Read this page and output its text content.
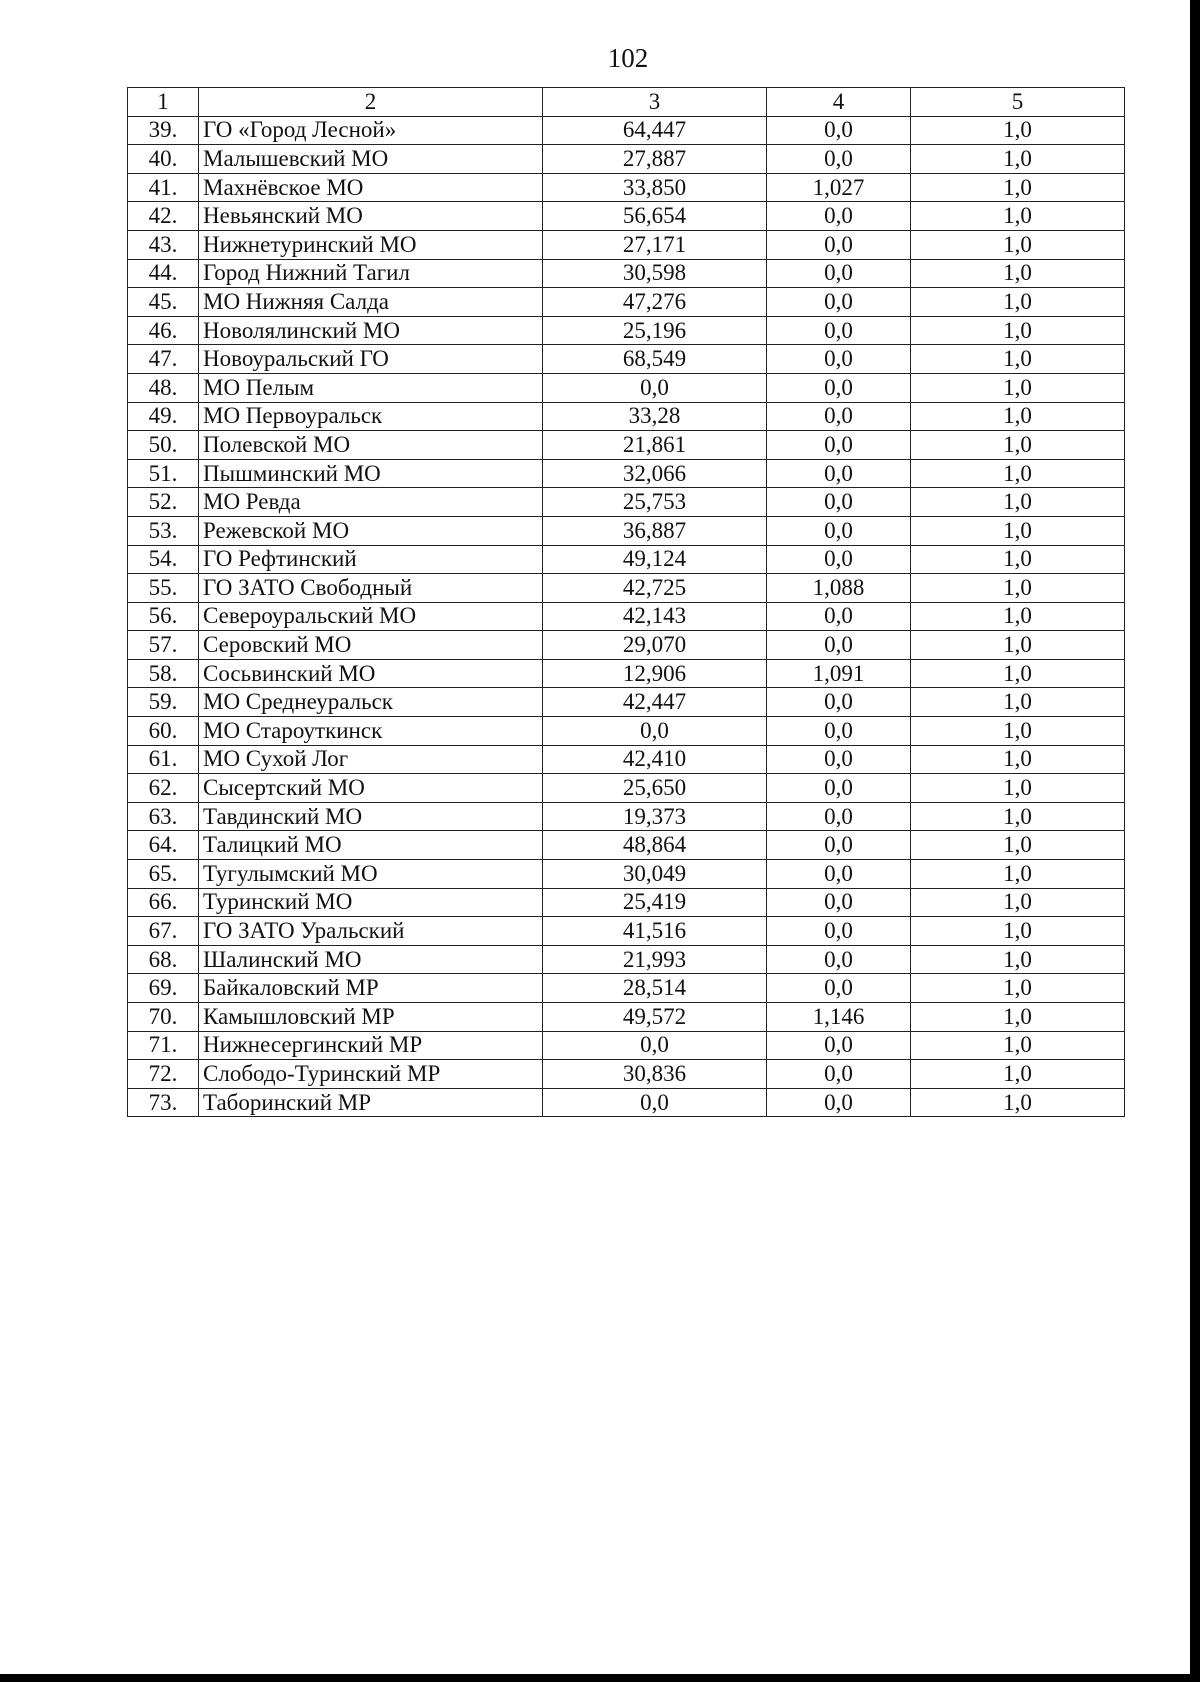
102
1	2	3	4	5
39.	ГО «Город Лесной»	64,447	0,0	1,0
40.	Малышевский МО	27,887	0,0	1,0
41.	Махнёвское МО	33,850	1,027	1,0
42.	Невьянский МО	56,654	0,0	1,0
43.	Нижнетуринский МО	27,171	0,0	1,0
44.	Город Нижний Тагил	30,598	0,0	1,0
45.	МО Нижняя Салда	47,276	0,0	1,0
46.	Новолялинский МО	25,196	0,0	1,0
47.	Новоуральский ГО	68,549	0,0	1,0
48.	МО Пелым	0,0	0,0	1,0
49.	МО Первоуральск	33,28	0,0	1,0
50.	Полевской МО	21,861	0,0	1,0
51.	Пышминский МО	32,066	0,0	1,0
52.	МО Ревда	25,753	0,0	1,0
53.	Режевской МО	36,887	0,0	1,0
54.	ГО Рефтинский	49,124	0,0	1,0
55.	ГО ЗАТО Свободный	42,725	1,088	1,0
56.	Североуральский МО	42,143	0,0	1,0
57.	Серовский МО	29,070	0,0	1,0
58.	Сосьвинский МО	12,906	1,091	1,0
59.	МО Среднеуральск	42,447	0,0	1,0
60.	МО Староуткинск	0,0	0,0	1,0
61.	МО Сухой Лог	42,410	0,0	1,0
62.	Сысертский МО	25,650	0,0	1,0
63.	Тавдинский МО	19,373	0,0	1,0
64.	Талицкий МО	48,864	0,0	1,0
65.	Тугулымский МО	30,049	0,0	1,0
66.	Туринский МО	25,419	0,0	1,0
67.	ГО ЗАТО Уральский	41,516	0,0	1,0
68.	Шалинский МО	21,993	0,0	1,0
69.	Байкаловский МР	28,514	0,0	1,0
70.	Камышловский МР	49,572	1,146	1,0
71.	Нижнесергинский МР	0,0	0,0	1,0
72.	Слободо-Туринский МР	30,836	0,0	1,0
73.	Таборинский МР	0,0	0,0	1,0
